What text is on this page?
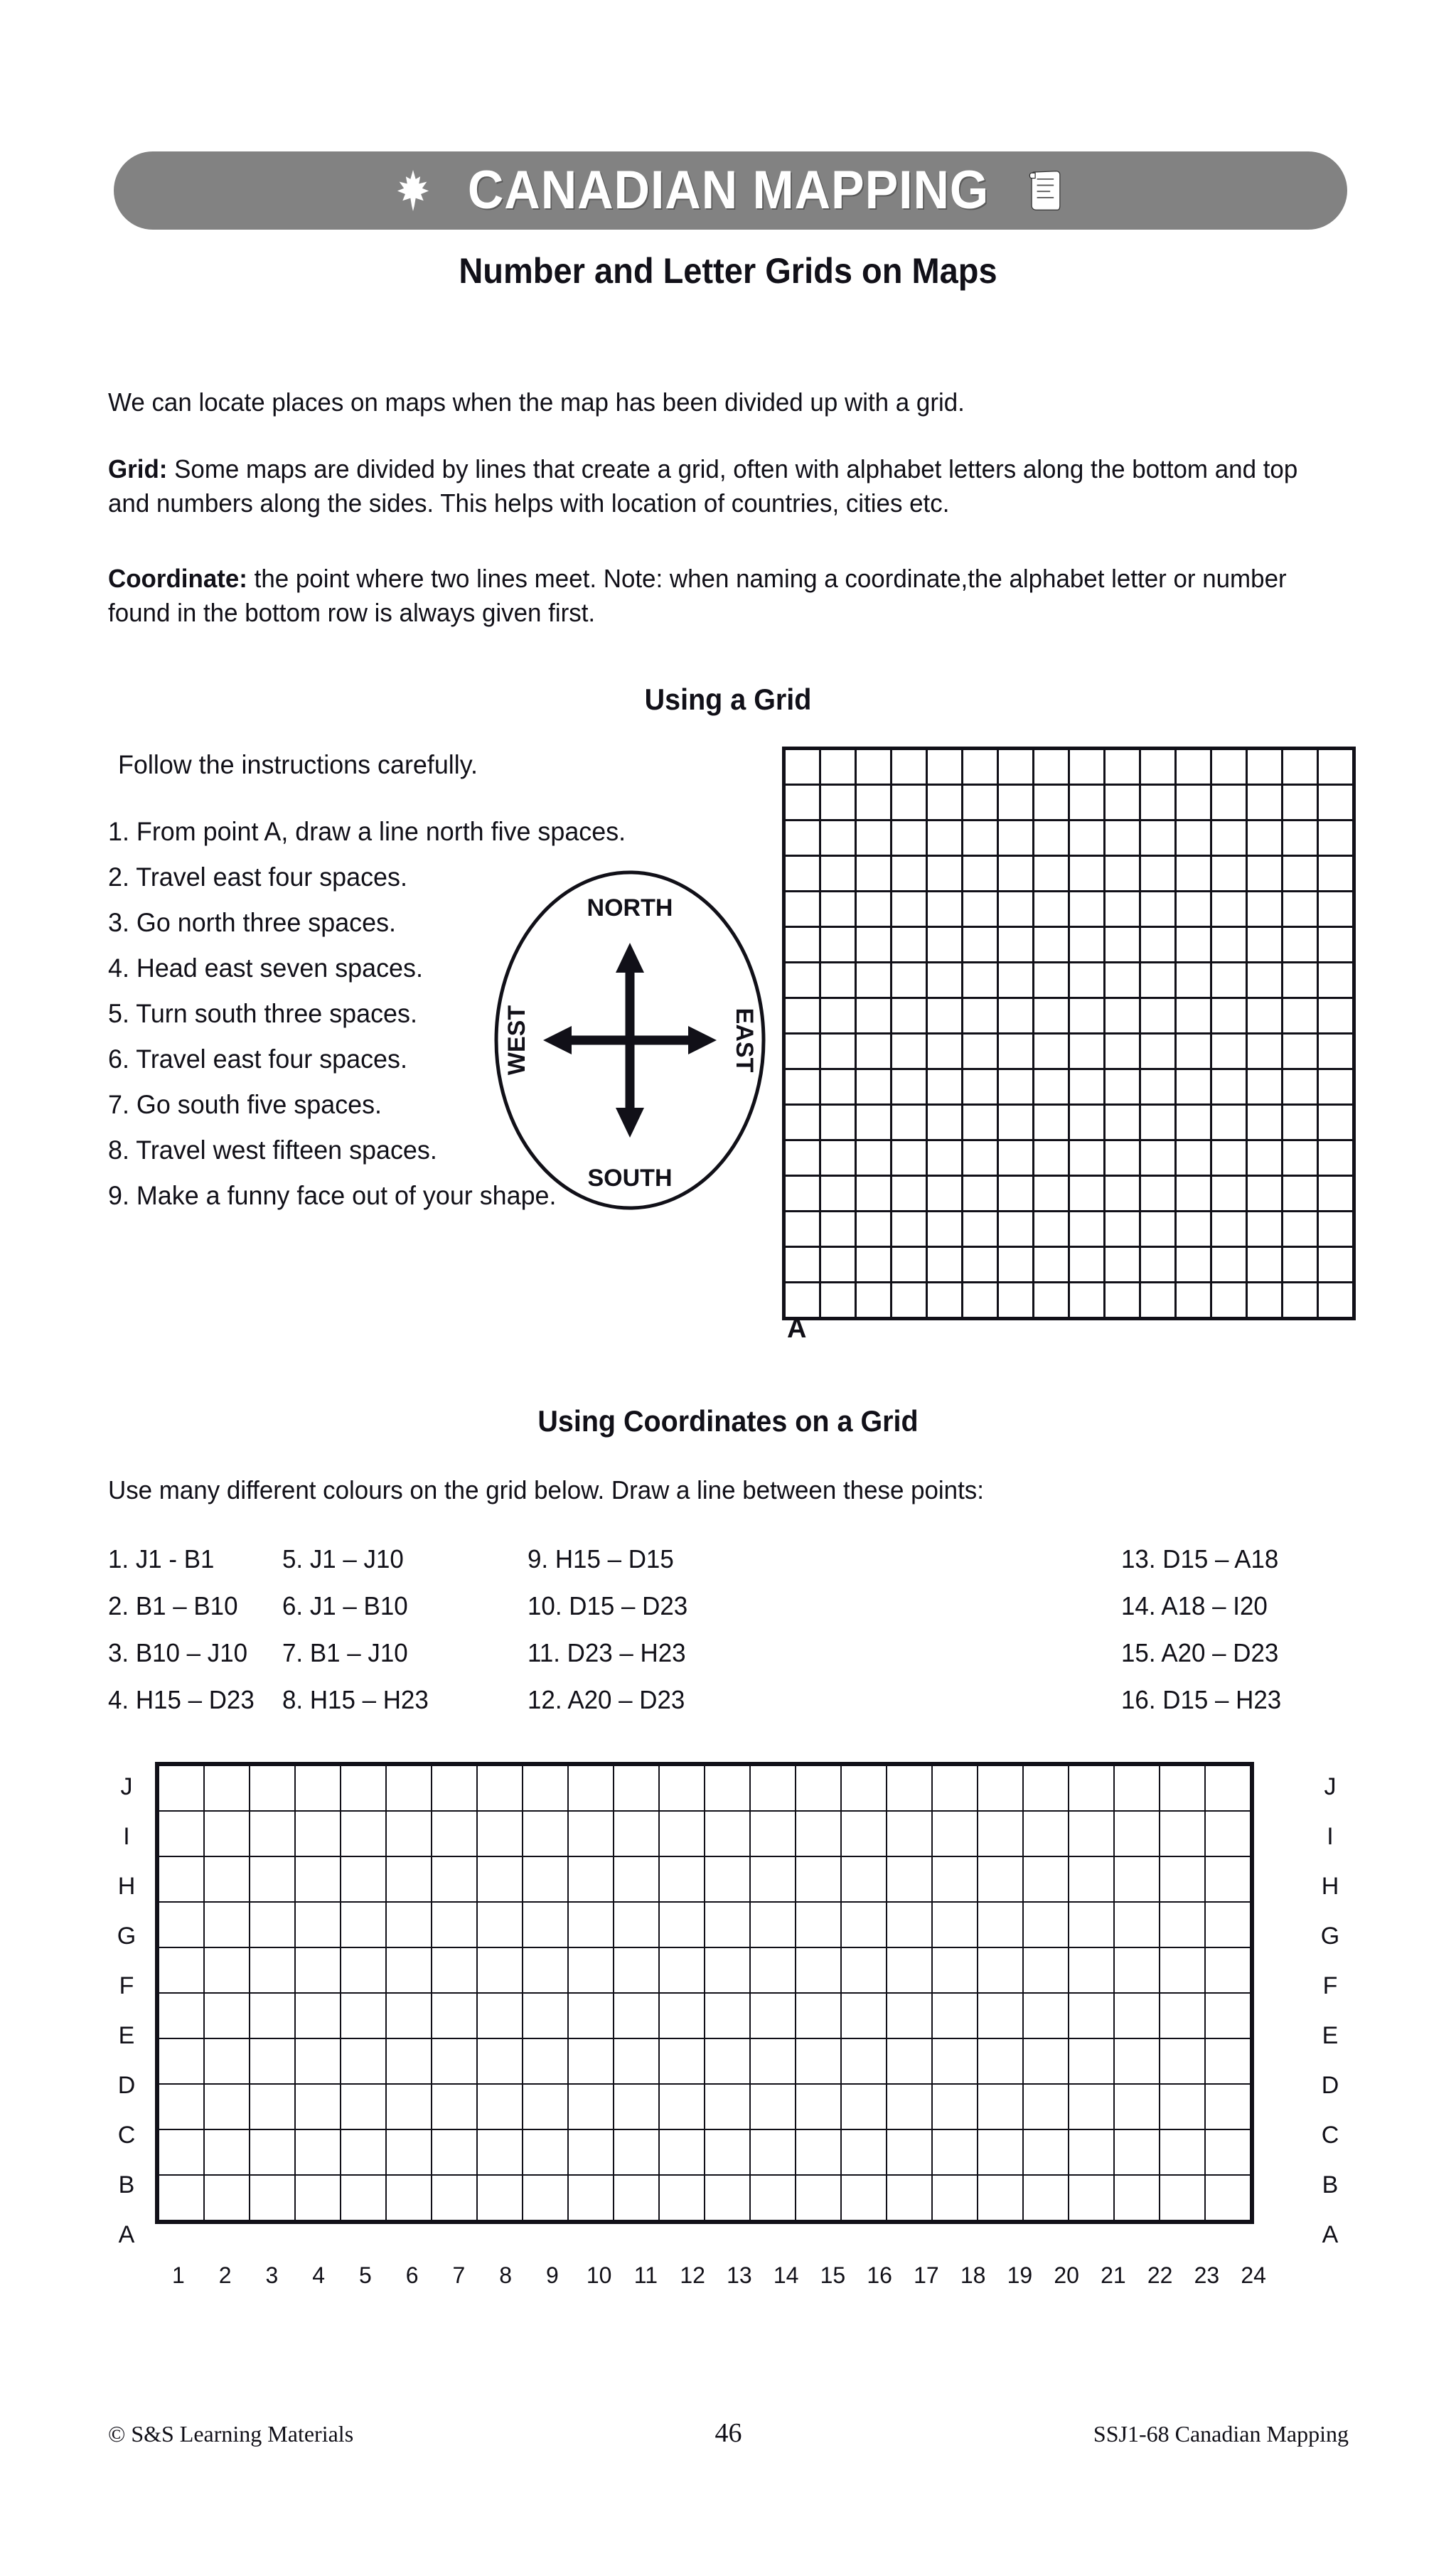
CANADIAN MAPPING
Number and Letter Grids on Maps
We can locate places on maps when the map has been divided up with a grid.
Grid: Some maps are divided by lines that create a grid, often with alphabet letters along the bottom and top and numbers along the sides. This helps with location of countries, cities etc.
Coordinate: the point where two lines meet. Note: when naming a coordinate,the alphabet letter or number found in the bottom row is always given first.
Using a Grid
Follow the instructions carefully.
1. From point A, draw a line north five spaces.
2. Travel east four spaces.
3. Go north three spaces.
4. Head east seven spaces.
5. Turn south three spaces.
6. Travel east four spaces.
7. Go south five spaces.
8. Travel west fifteen spaces.
9. Make a funny face out of your shape.
NORTH
SOUTH
WEST	EAST

A
Using Coordinates on a Grid
Use many different colours on the grid below. Draw a line between these points:
1. J1 - B1
2. B1 – B10
3. B10 – J10
4. H15 – D23
5. J1 – J10
6. J1 – B10
7. B1 – J10
8. H15 – H23
9. H15 – D15
10. D15 – D23
11. D23 – H23
12. A20 – D23
13. D15 – A18
14. A18 – I20
15. A20 – D23
16. D15 – H23
J
I
H
G
F
E
D
C
B
A

J
I
H
G
F
E
D
C
B
A
1	2	3	4	5	6	7	8	9	10 11 12 13 14 15 16 17 18 19 20 21 22 23 24
© S&S Learning Materials	46	SSJ1-68 Canadian Mapping
